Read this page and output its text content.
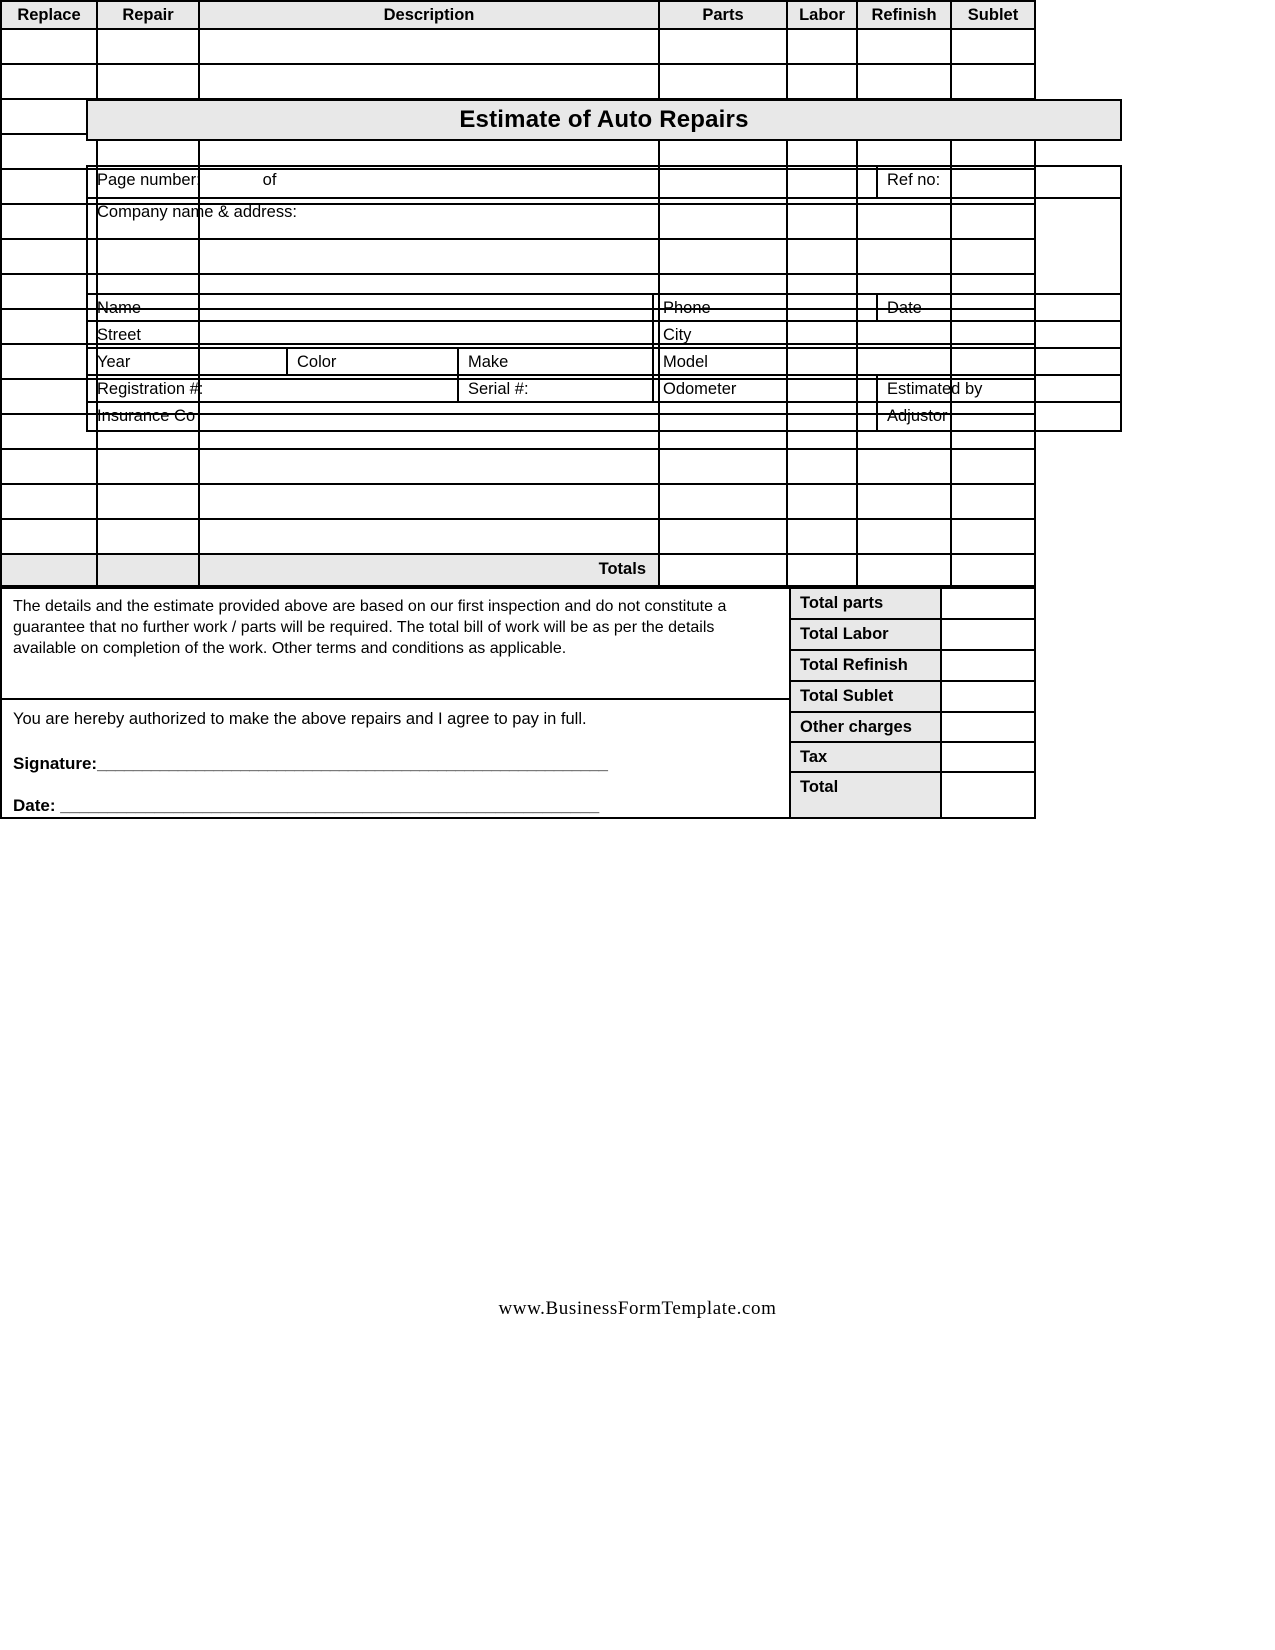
Estimate of Auto Repairs
Page number:	of	Ref no:
Company name & address:
Name	Phone	Date
Street	City
Year	Color	Make	Model
Registration #:	Serial #:	Odometer	Estimated by
Insurance Co	Adjustor
Replace	Repair	Description	Parts	Labor	Refinish	Sublet
Totals
The details and the estimate provided above are based on our first inspection and do not constitute a guarantee that no further work / parts will be required. The total bill of work will be as per the details available on completion of the work. Other terms and conditions as applicable.
You are hereby authorized to make the above repairs and I agree to pay in full.
Signature:_________________________________________________________
Date: _________________________________________________________
Total parts
Total Labor
Total Refinish
Total Sublet
Other charges
Tax
Total
www.BusinessFormTemplate.com
